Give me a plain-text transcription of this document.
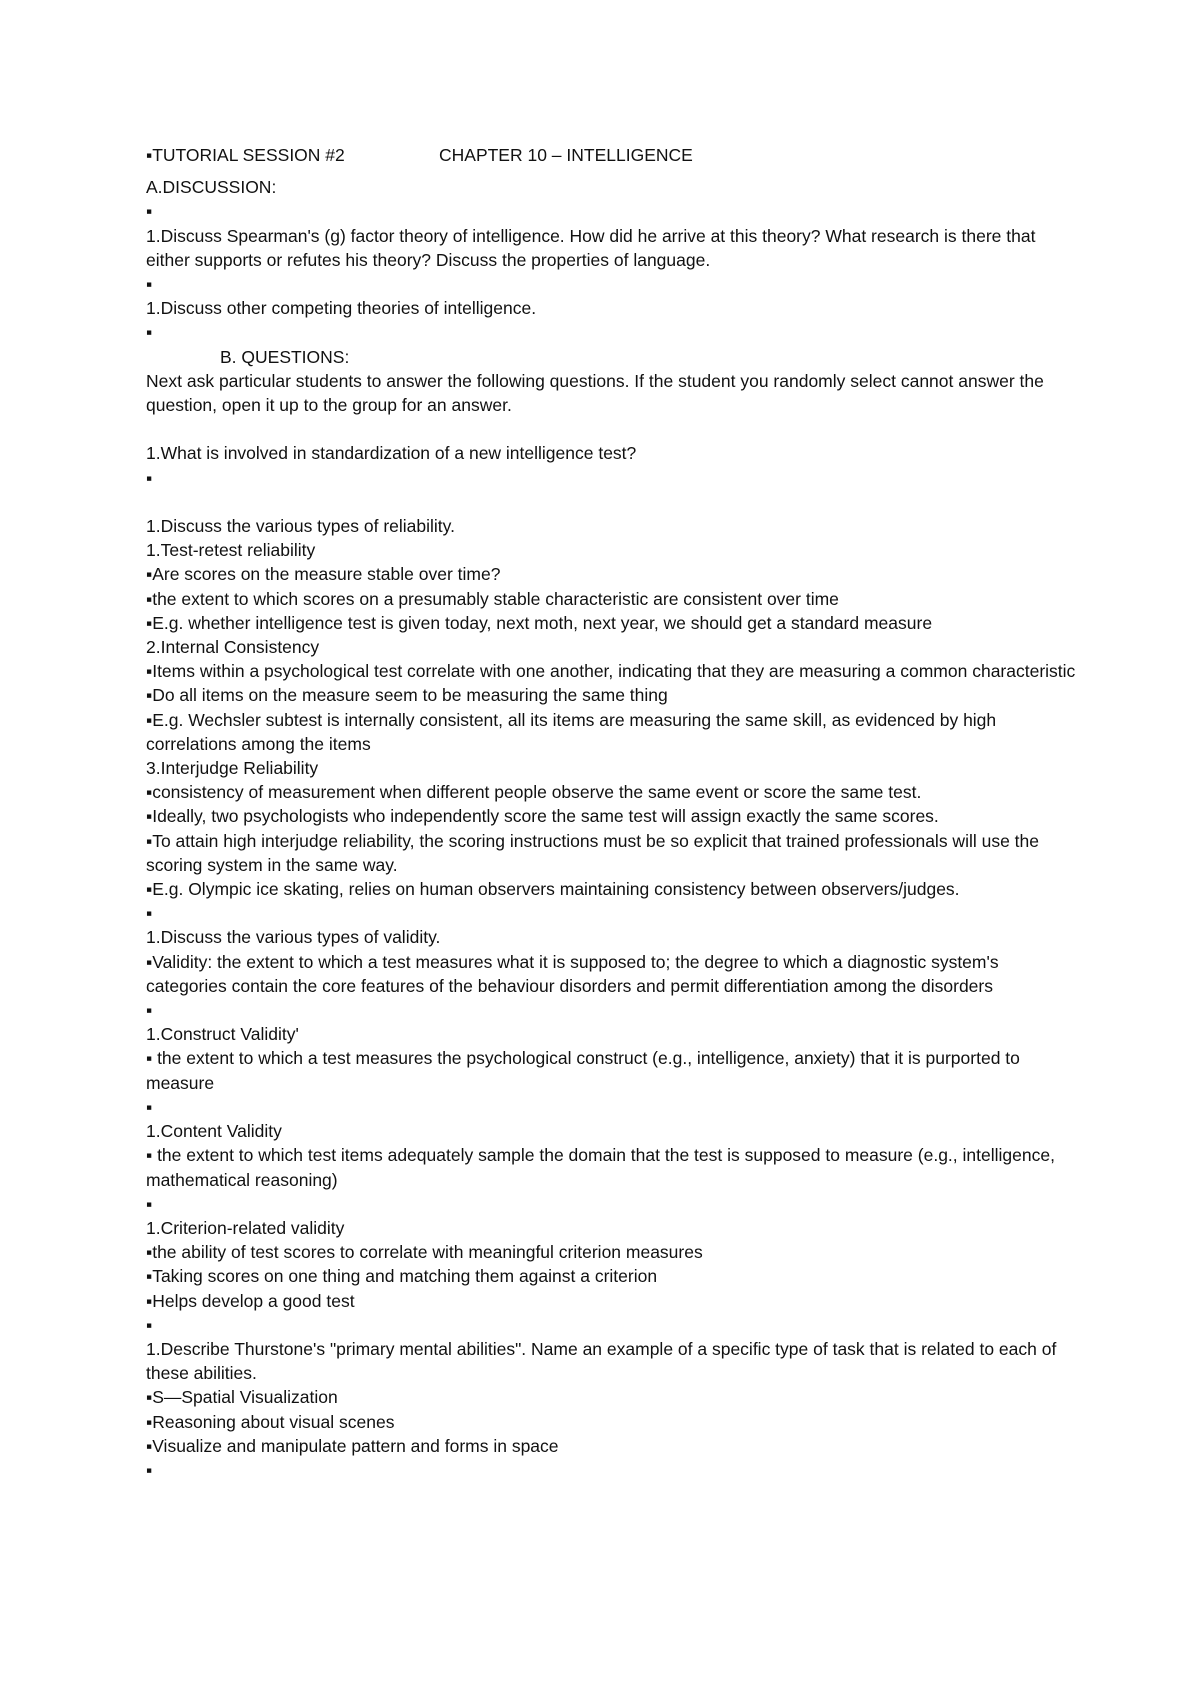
▪TUTORIAL SESSION #2	CHAPTER 10 – INTELLIGENCE

A.DISCUSSION:

▪

1.Discuss Spearman's (g) factor theory of intelligence. How did he arrive at this theory? What research is there that either supports or refutes his theory? Discuss the properties of language.

▪

1.Discuss other competing theories of intelligence.

▪

B. QUESTIONS:

Next ask particular students to answer the following questions. If the student you randomly select cannot answer the question, open it up to the group for an answer.

1.What is involved in standardization of a new intelligence test?

▪

1.Discuss the various types of reliability.

1.Test-retest reliability

▪Are scores on the measure stable over time?

▪the extent to which scores on a presumably stable characteristic are consistent over time

▪E.g. whether intelligence test is given today, next moth, next year, we should get a standard measure

2.Internal Consistency

▪Items within a psychological test correlate with one another, indicating that they are measuring a common characteristic

▪Do all items on the measure seem to be measuring the same thing

▪E.g. Wechsler subtest is internally consistent, all its items are measuring the same skill, as evidenced by high correlations among the items

3.Interjudge Reliability

▪consistency of measurement when different people observe the same event or score the same test.

▪Ideally, two psychologists who independently score the same test will assign exactly the same scores.

▪To attain high interjudge reliability, the scoring instructions must be so explicit that trained professionals will use the scoring system in the same way.

▪E.g. Olympic ice skating, relies on human observers maintaining consistency between observers/judges.

▪

1.Discuss the various types of validity.

▪Validity: the extent to which a test measures what it is supposed to; the degree to which a diagnostic system's categories contain the core features of the behaviour disorders and permit differentiation among the disorders

▪

1.Construct Validity'

▪ the extent to which a test measures the psychological construct (e.g., intelligence, anxiety) that it is purported to measure

▪

1.Content Validity

▪ the extent to which test items adequately sample the domain that the test is supposed to measure (e.g., intelligence, mathematical reasoning)

▪

1.Criterion-related validity

▪the ability of test scores to correlate with meaningful criterion measures

▪Taking scores on one thing and matching them against a criterion

▪Helps develop a good test

▪

1.Describe Thurstone's "primary mental abilities". Name an example of a specific type of task that is related to each of these abilities.

▪S—Spatial Visualization

▪Reasoning about visual scenes

▪Visualize and manipulate pattern and forms in space

▪
